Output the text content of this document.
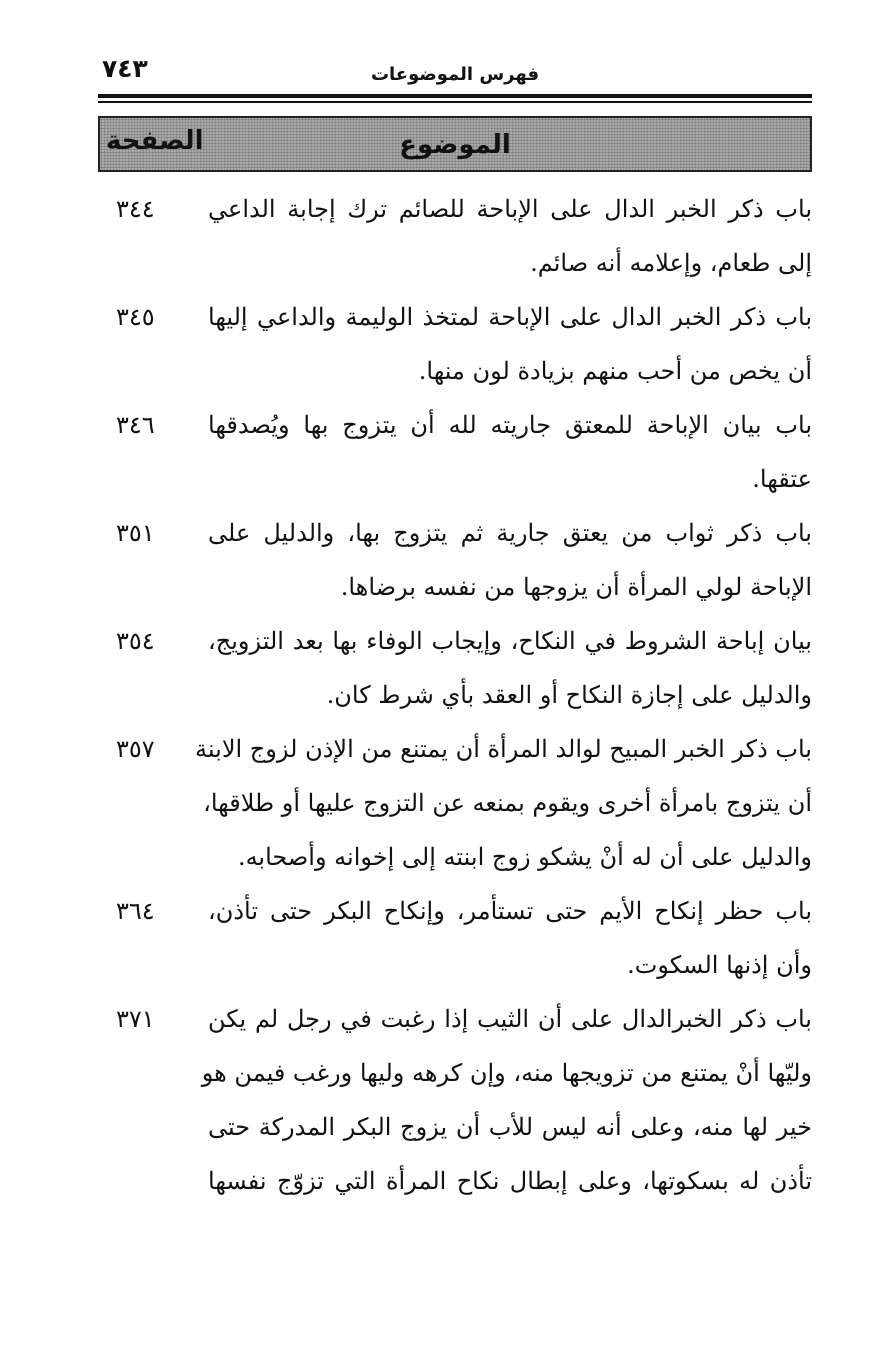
٧٤٣	فهرس الموضوعات
الموضوع
الصفحة
٣٤٤ باب ذكر الخبر الدال على الإباحة للصائم ترك إجابة الداعي
إلى طعام، وإعلامه أنه صائم.
٣٤٥ باب ذكر الخبر الدال على الإباحة لمتخذ الوليمة والداعي إليها
أن يخص من أحب منهم بزيادة لون منها.
٣٤٦ باب بيان الإباحة للمعتق جاريته لله أن يتزوج بها ويُصدقها
عتقها.
٣٥١ باب ذكر ثواب من يعتق جارية ثم يتزوج بها، والدليل على
الإباحة لولي المرأة أن يزوجها من نفسه برضاها.
٣٥٤ بيان إباحة الشروط في النكاح، وإيجاب الوفاء بها بعد التزويج،
والدليل على إجازة النكاح أو العقد بأي شرط كان.
٣٥٧ باب ذكر الخبر المبيح لوالد المرأة أن يمتنع من الإذن لزوج الابنة
أن يتزوج بامرأة أخرى ويقوم بمنعه عن التزوج عليها أو طلاقها،
والدليل على أن له أنْ يشكو زوج ابنته إلى إخوانه وأصحابه.
٣٦٤ باب حظر إنكاح الأيم حتى تستأمر، وإنكاح البكر حتى تأذن،
وأن إذنها السكوت.
٣٧١ باب ذكر الخبرالدال على أن الثيب إذا رغبت في رجل لم يكن
وليّها أنْ يمتنع من تزويجها منه، وإن كرهه وليها ورغب فيمن هو
خير لها منه، وعلى أنه ليس للأب أن يزوج البكر المدركة حتى
تأذن له بسكوتها، وعلى إبطال نكاح المرأة التي تزوّج نفسها
